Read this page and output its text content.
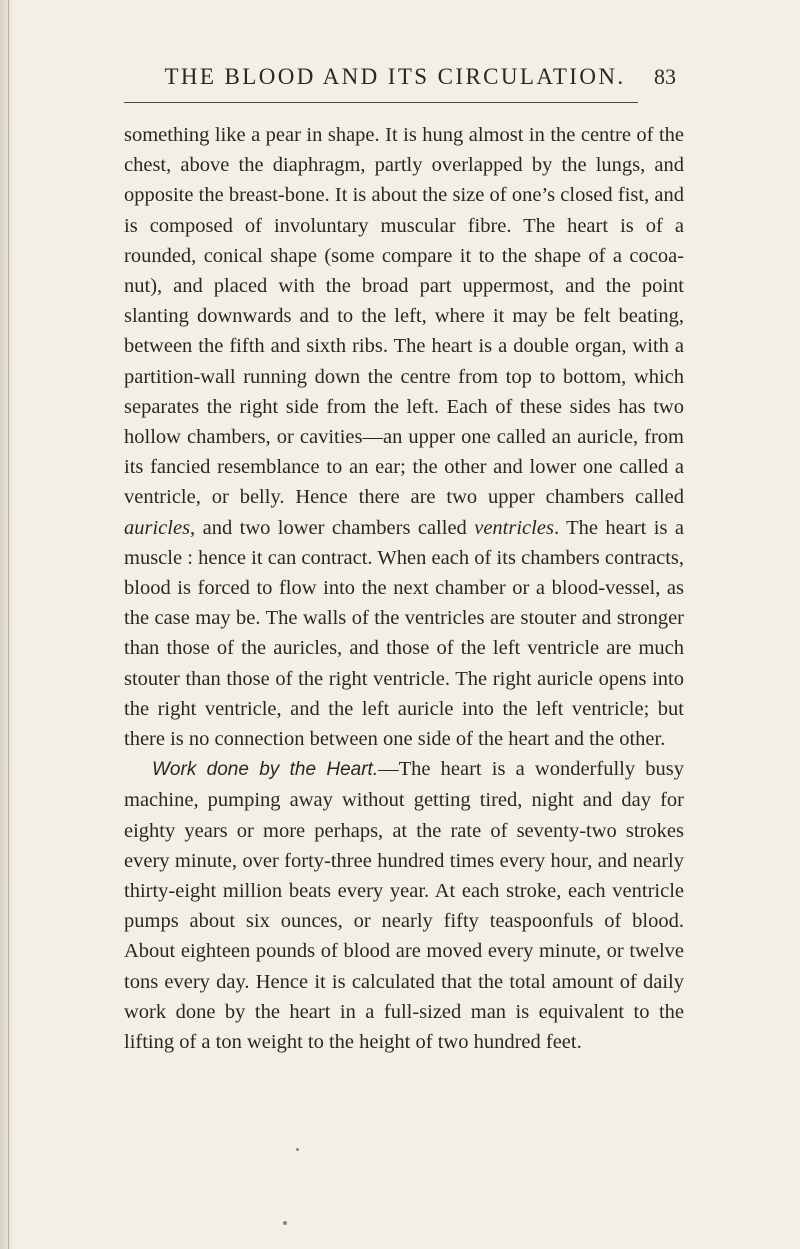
THE BLOOD AND ITS CIRCULATION.	83

something like a pear in shape. It is hung almost in the centre of the chest, above the diaphragm, partly overlapped by the lungs, and opposite the breast-bone. It is about the size of one’s closed fist, and is composed of involuntary muscular fibre. The heart is of a rounded, conical shape (some compare it to the shape of a cocoa-nut), and placed with the broad part uppermost, and the point slanting downwards and to the left, where it may be felt beating, between the fifth and sixth ribs. The heart is a double organ, with a partition-wall running down the centre from top to bottom, which separates the right side from the left. Each of these sides has two hollow chambers, or cavities—an upper one called an auricle, from its fancied resemblance to an ear; the other and lower one called a ventricle, or belly. Hence there are two upper chambers called auricles, and two lower chambers called ventricles. The heart is a muscle : hence it can contract. When each of its chambers contracts, blood is forced to flow into the next chamber or a blood-vessel, as the case may be. The walls of the ventricles are stouter and stronger than those of the auricles, and those of the left ventricle are much stouter than those of the right ventricle. The right auricle opens into the right ventricle, and the left auricle into the left ventricle; but there is no connection between one side of the heart and the other.

Work done by the Heart.—The heart is a wonderfully busy machine, pumping away without getting tired, night and day for eighty years or more perhaps, at the rate of seventy-two strokes every minute, over forty-three hundred times every hour, and nearly thirty-eight million beats every year. At each stroke, each ventricle pumps about six ounces, or nearly fifty teaspoonfuls of blood. About eighteen pounds of blood are moved every minute, or twelve tons every day. Hence it is calculated that the total amount of daily work done by the heart in a full-sized man is equivalent to the lifting of a ton weight to the height of two hundred feet.
